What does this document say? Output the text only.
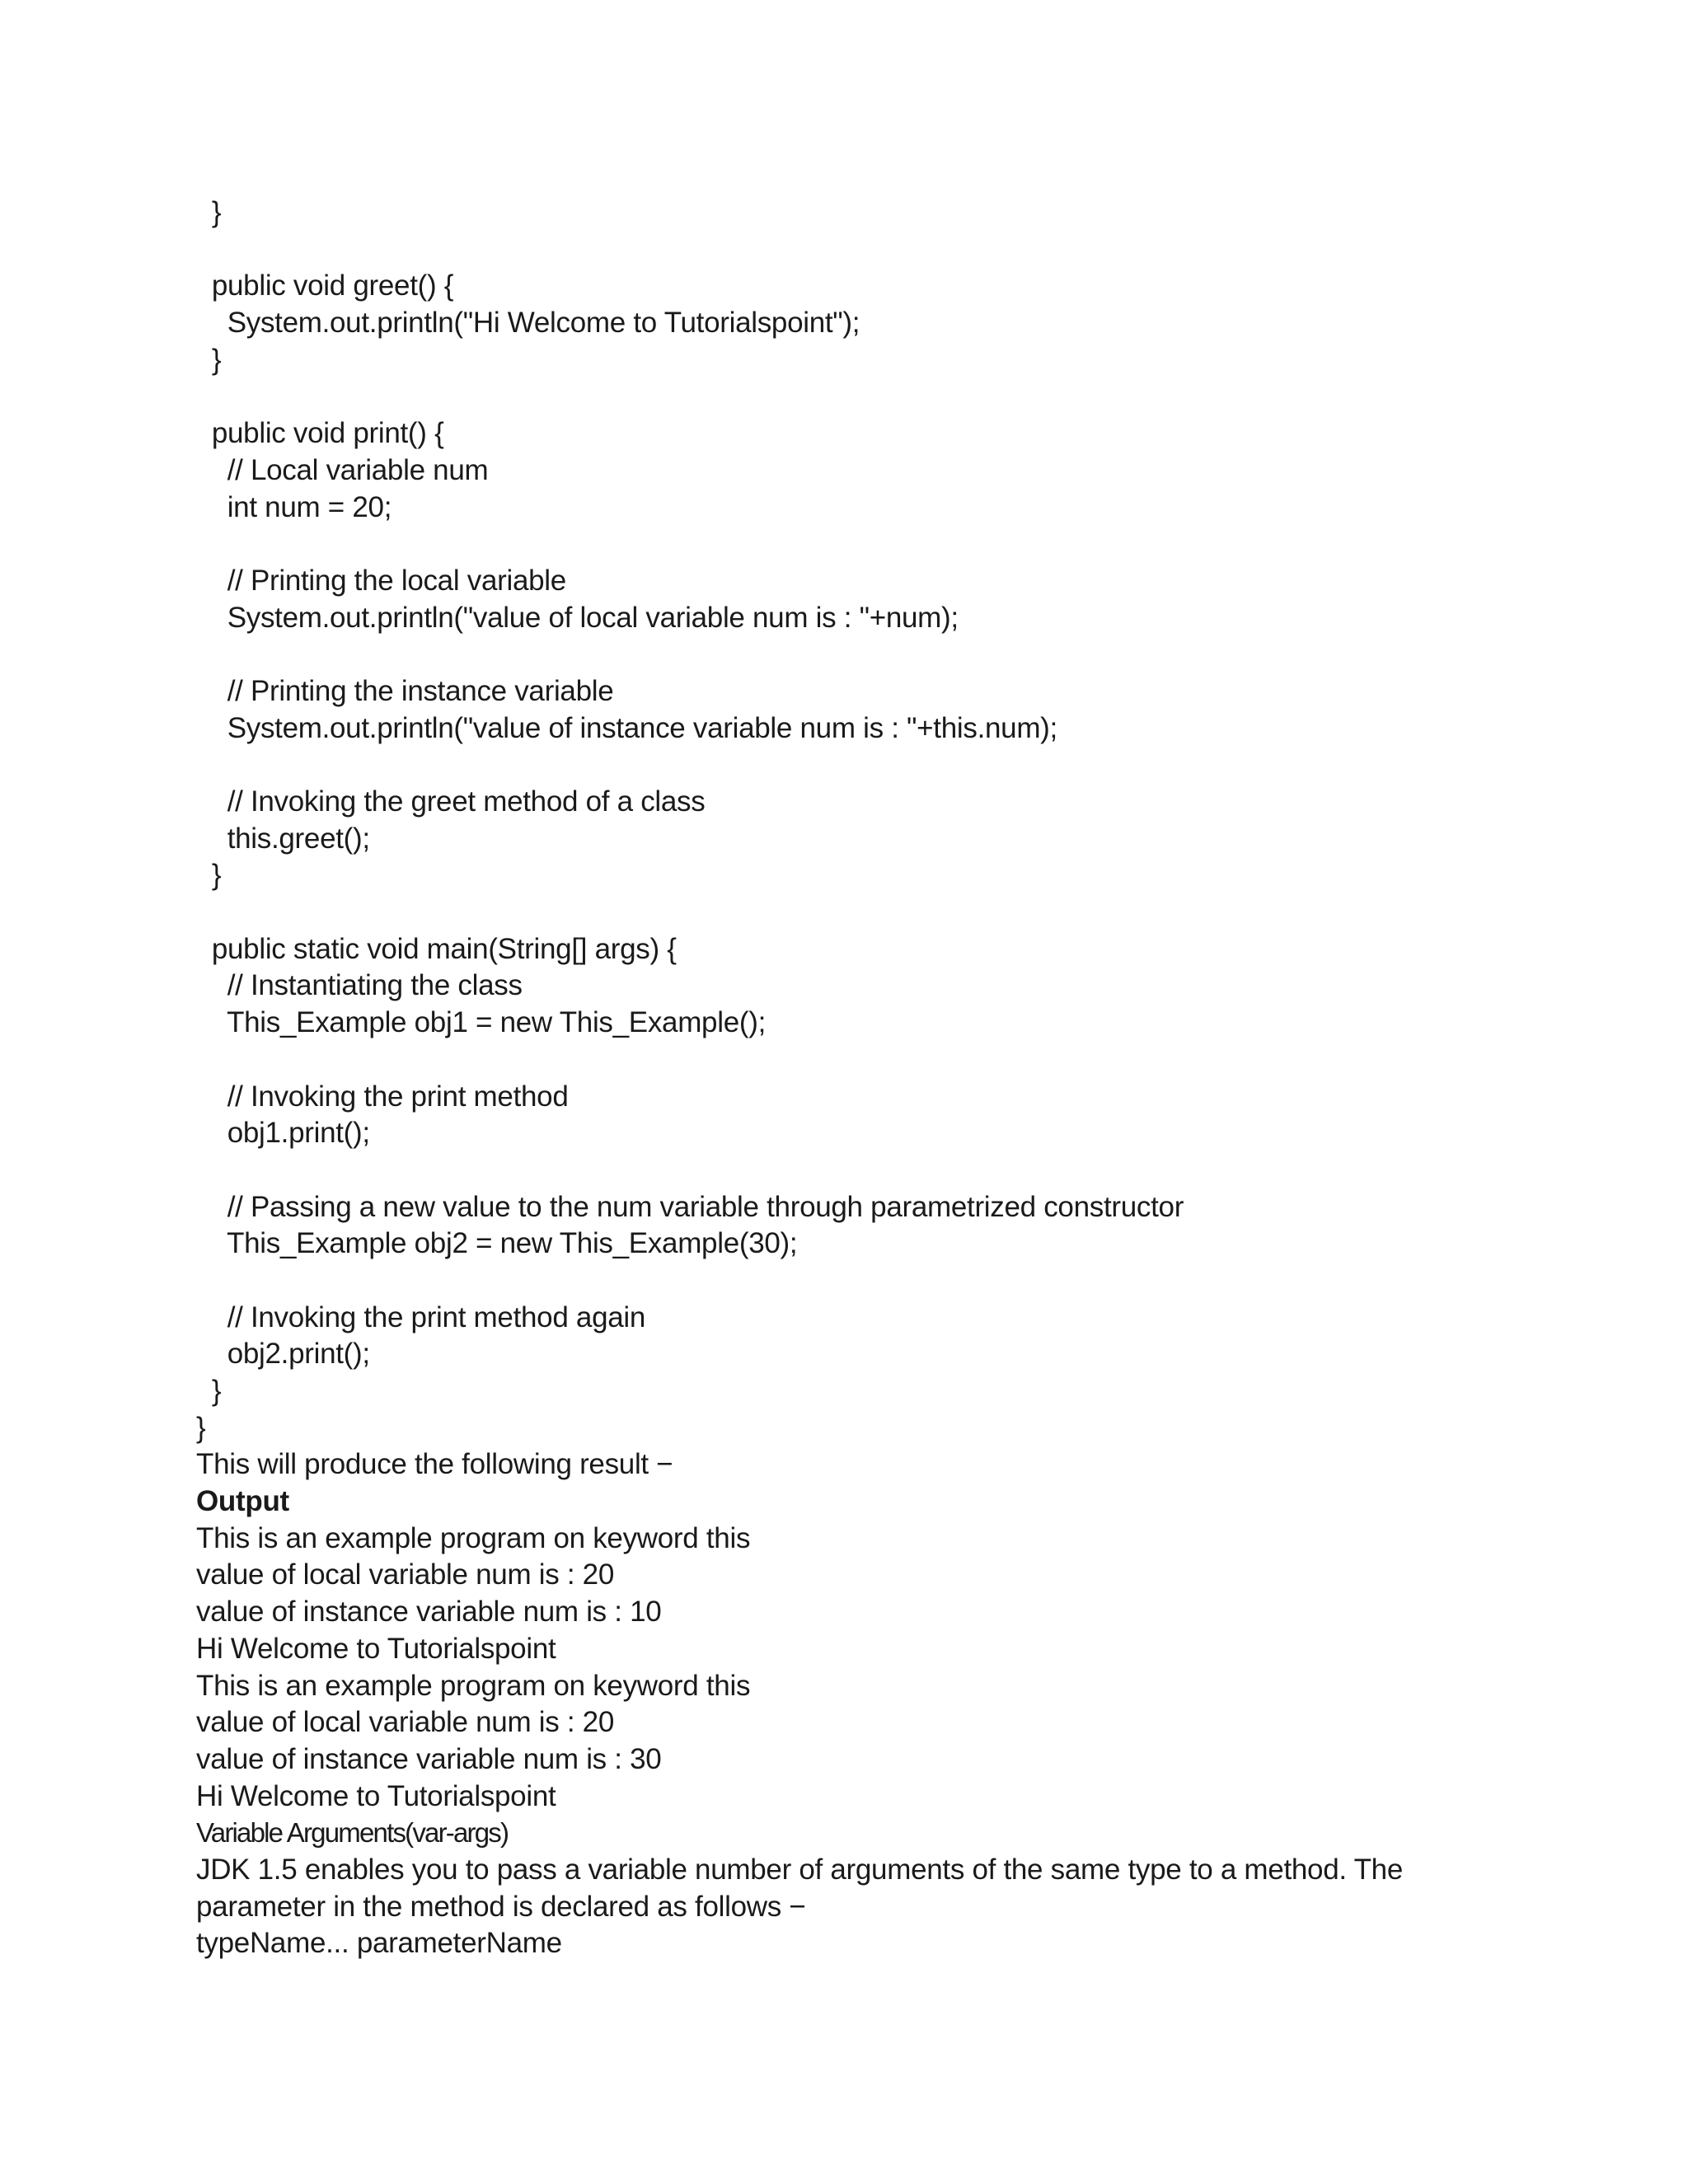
}
public void greet() {
System.out.println("Hi Welcome to Tutorialspoint");
}
public void print() {
// Local variable num
int num = 20;
// Printing the local variable
System.out.println("value of local variable num is : "+num);
// Printing the instance variable
System.out.println("value of instance variable num is : "+this.num);
// Invoking the greet method of a class
this.greet();
}
public static void main(String[] args) {
// Instantiating the class
This_Example obj1 = new This_Example();
// Invoking the print method
obj1.print();
// Passing a new value to the num variable through parametrized constructor
This_Example obj2 = new This_Example(30);
// Invoking the print method again
obj2.print();
}
}
This will produce the following result −
Output
This is an example program on keyword this
value of local variable num is : 20
value of instance variable num is : 10
Hi Welcome to Tutorialspoint
This is an example program on keyword this
value of local variable num is : 20
value of instance variable num is : 30
Hi Welcome to Tutorialspoint
Variable Arguments(var-args)
JDK 1.5 enables you to pass a variable number of arguments of the same type to a method. The
parameter in the method is declared as follows −
typeName... parameterName
